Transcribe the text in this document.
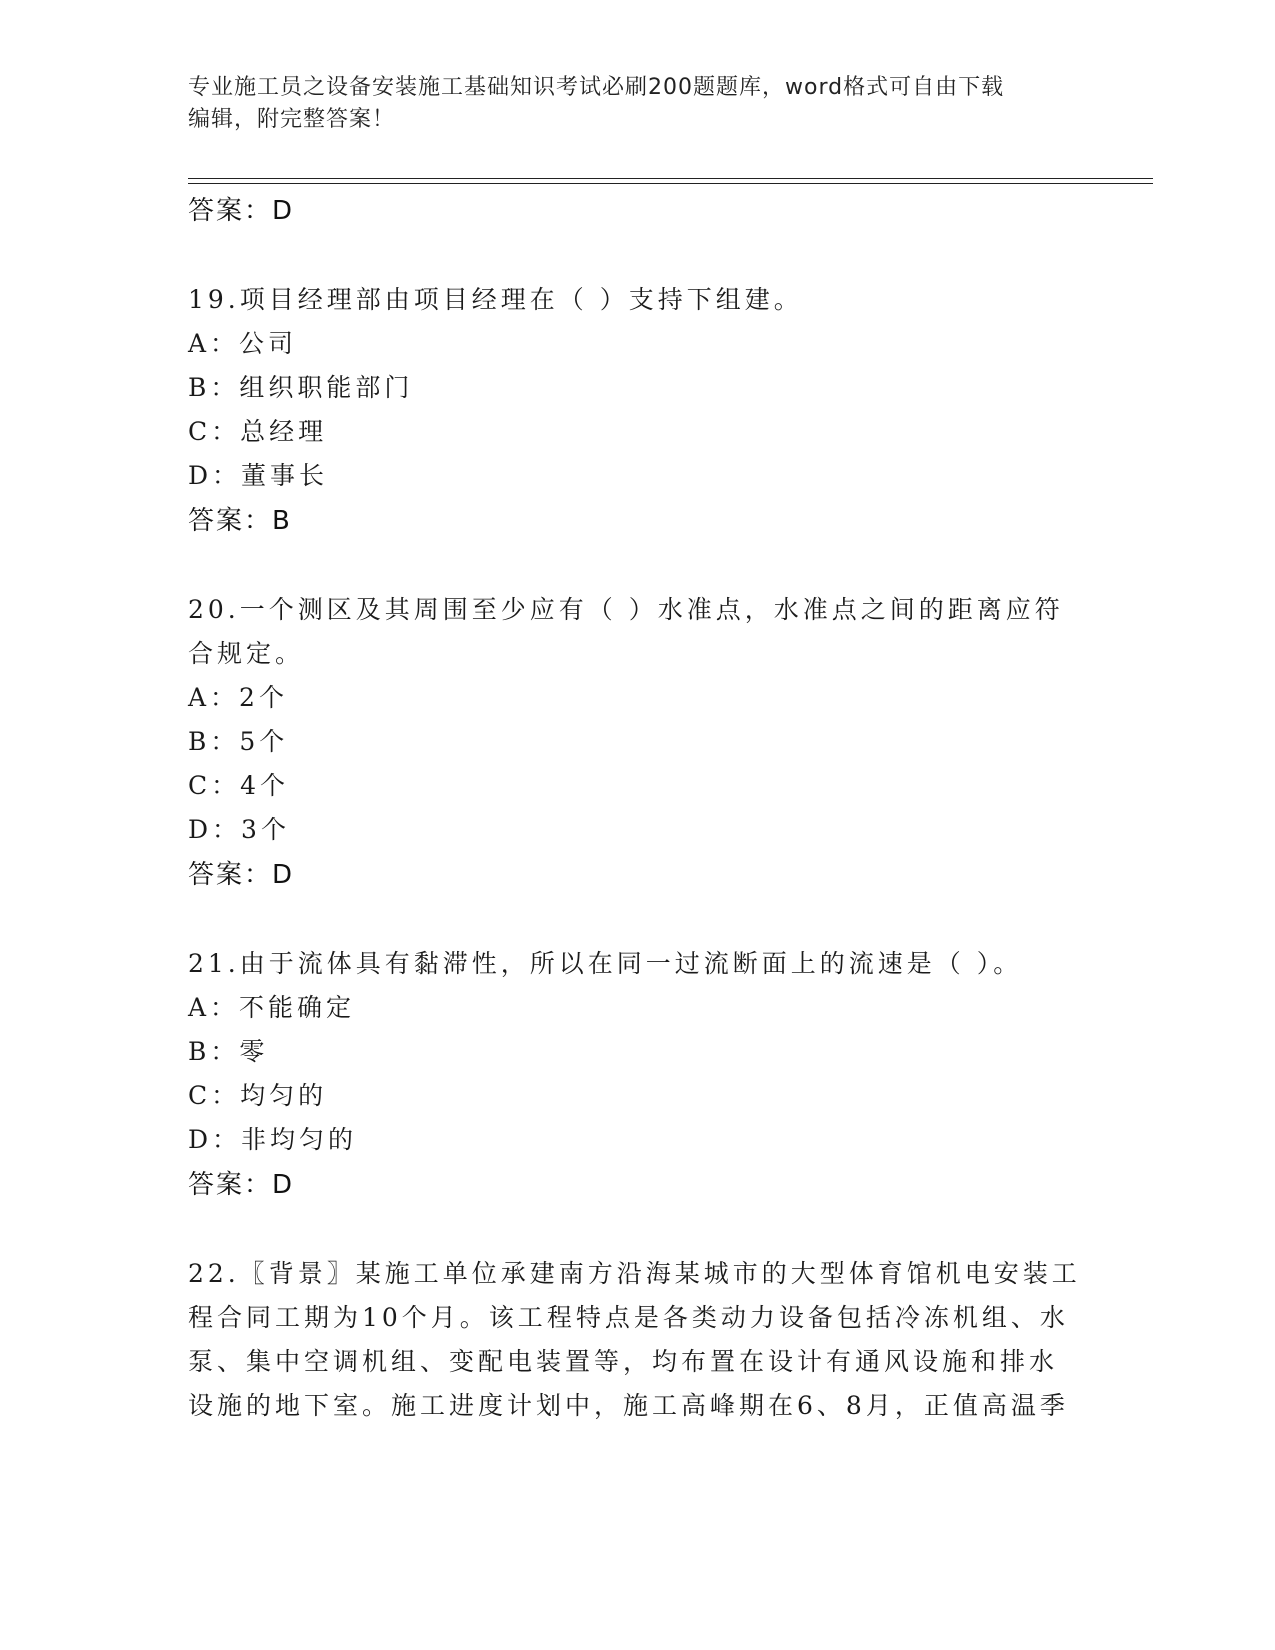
专业施工员之设备安装施工基础知识考试必刷200题题库，word格式可自由下载
编辑，附完整答案！
答案：D
19.项目经理部由项目经理在（ ）支持下组建。
A：公司
B：组织职能部门
C：总经理
D：董事长
答案：B
20.一个测区及其周围至少应有（ ）水准点，水准点之间的距离应符
合规定。
A：2个
B：5个
C：4个
D：3个
答案：D
21.由于流体具有黏滞性，所以在同一过流断面上的流速是（ ）。
A：不能确定
B：零
C：均匀的
D：非均匀的
答案：D
22.〖背景〗某施工单位承建南方沿海某城市的大型体育馆机电安装工
程合同工期为10个月。该工程特点是各类动力设备包括冷冻机组、水
泵、集中空调机组、变配电装置等，均布置在设计有通风设施和排水
设施的地下室。施工进度计划中，施工高峰期在6、8月，正值高温季
